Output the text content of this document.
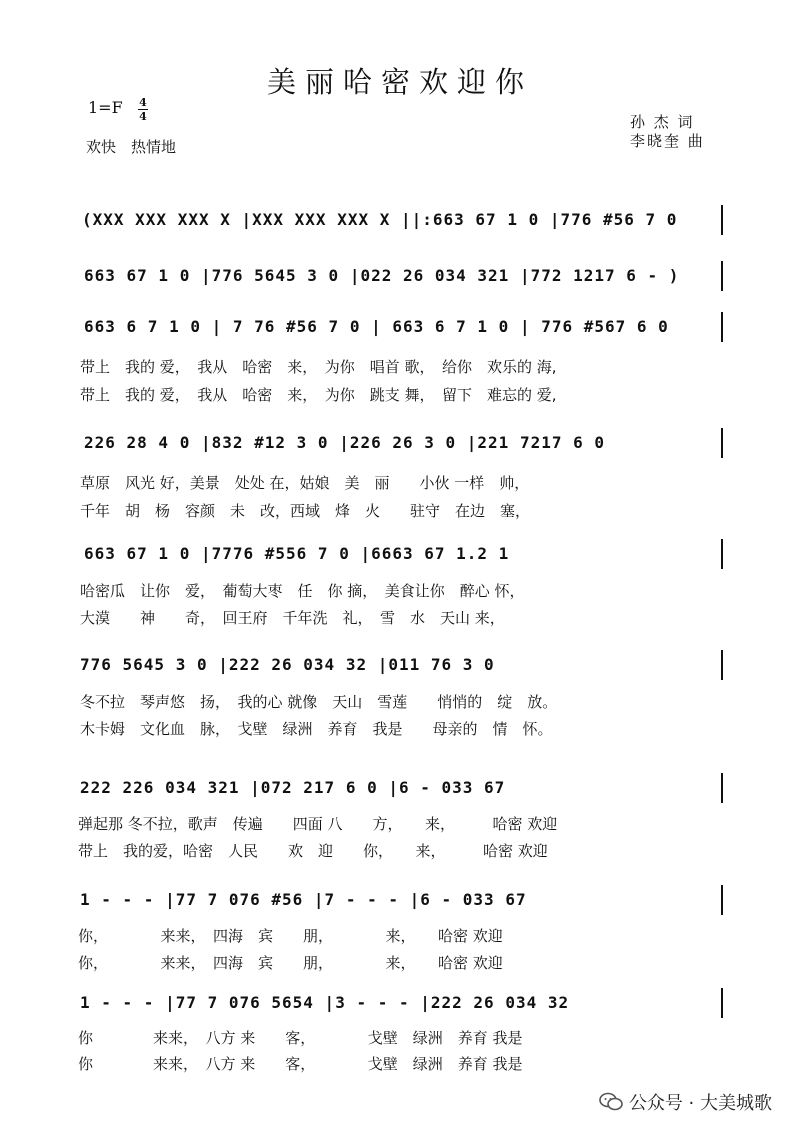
美丽哈密欢迎你
1=F 4
4
欢快　热情地
孙 杰 词
李晓奎 曲
(XXX XXX XXX X |XXX XXX XXX X ||:663 67 1 0 |776 #56 7 0
663 67 1 0 |776 5645 3 0 |022 26 034 321 |772 1217 6 - )
663 6 7 1 0 | 7 76 #56 7 0 | 663 6 7 1 0 | 776 #567 6 0
带上　我的 爱，　我从　哈密　来，　为你　唱首 歌，　给你　欢乐的 海,
带上　我的 爱，　我从　哈密　来，　为你　跳支 舞，　留下　难忘的 爱,
226 28 4 0 |832 #12 3 0 |226 26 3 0 |221 7217 6 0
草原　风光 好，美景　处处 在，姑娘　美　丽　　小伙 一样　帅，
千年　胡　杨　容颜　未　改，西域　烽　火　　驻守　在边　塞，
663 67 1 0 |7776 #556 7 0 |6663 67 1.2 1
哈密瓜　让你　爱，　葡萄大枣　任　你 摘，　美食让你　醉心 怀，
大漠　　神　　奇，　回王府　千年洗　礼，　雪　水　天山 来，
776 5645 3 0 |222 26 034 32 |011 76 3 0
冬不拉　琴声悠　扬，　我的心 就像　天山　雪莲　　悄悄的　绽　放。
木卡姆　文化血　脉，　戈壁　绿洲　养育　我是　　母亲的　情　怀。
222 226 034 321 |072 217 6 0 |6 - 033 67
弹起那 冬不拉，歌声　传遍　　四面 八　　方，　　来，　　　哈密 欢迎
带上　我的爱，哈密　人民　　欢　迎　　你，　　来，　　　哈密 欢迎
1 - - - |77 7 076 #56 |7 - - - |6 - 033 67
你，　　　　来来，　四海　宾　　朋，　　　　来，　　哈密 欢迎
你，　　　　来来，　四海　宾　　朋，　　　　来，　　哈密 欢迎
1 - - - |77 7 076 5654 |3 - - - |222 26 034 32
你　　　　来来，　八方 来　　客，　　　　戈壁　绿洲　养育 我是
你　　　　来来，　八方 来　　客，　　　　戈壁　绿洲　养育 我是
公众号 · 大美城歌
